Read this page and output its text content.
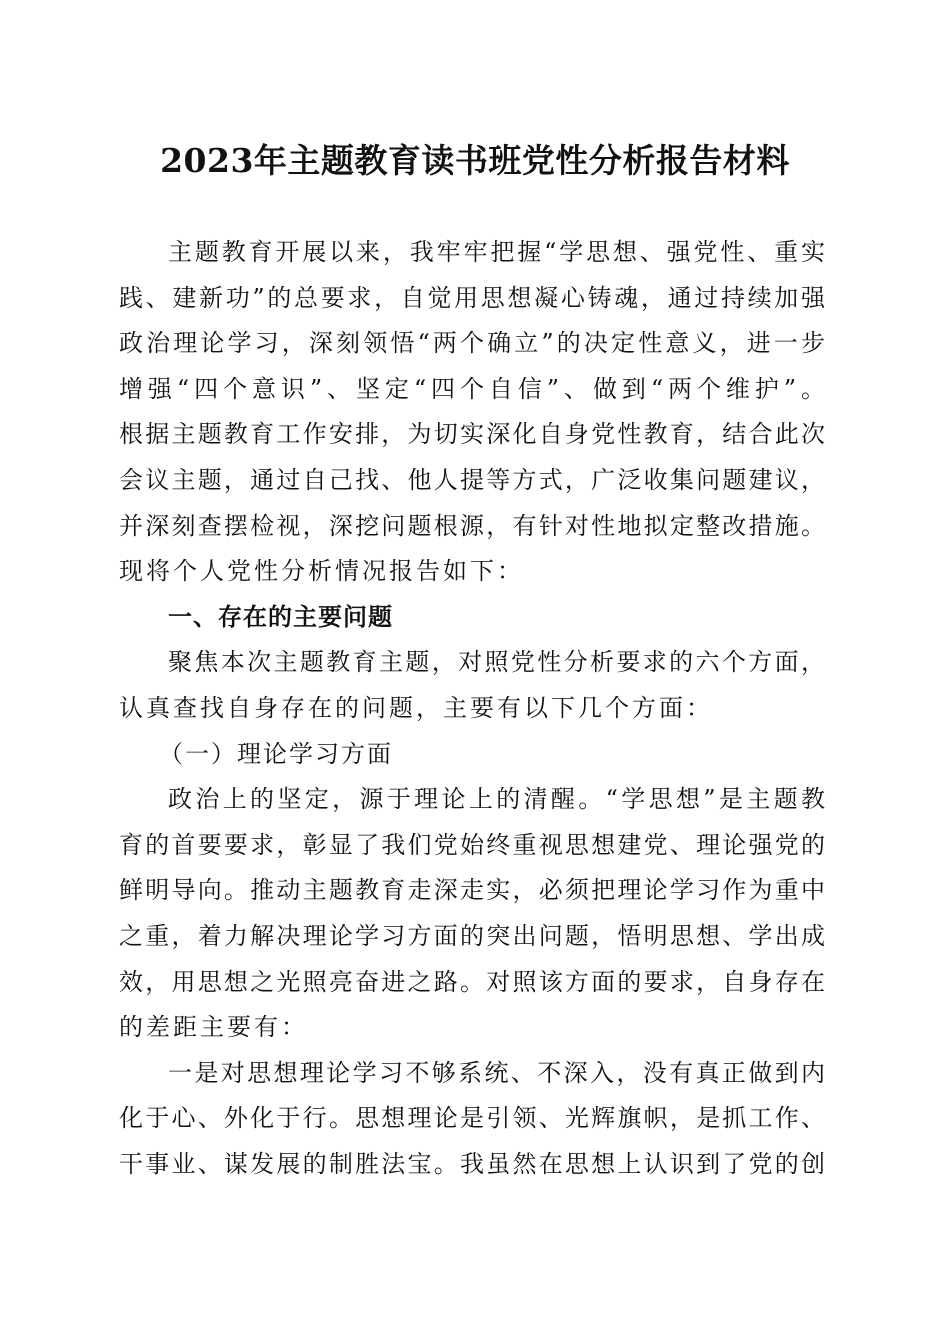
2023年主题教育读书班党性分析报告材料
主题教育开展以来，我牢牢把握“学思想、强党性、重实
践、建新功”的总要求，自觉用思想凝心铸魂，通过持续加强
政治理论学习，深刻领悟“两个确立”的决定性意义，进一步
增强“四个意识”、坚定“四个自信”、做到“两个维护”。
根据主题教育工作安排，为切实深化自身党性教育，结合此次
会议主题，通过自己找、他人提等方式，广泛收集问题建议，
并深刻查摆检视，深挖问题根源，有针对性地拟定整改措施。
现将个人党性分析情况报告如下：
一、存在的主要问题
聚焦本次主题教育主题，对照党性分析要求的六个方面，
认真查找自身存在的问题，主要有以下几个方面：
（一）理论学习方面
政治上的坚定，源于理论上的清醒。“学思想”是主题教
育的首要要求，彰显了我们党始终重视思想建党、理论强党的
鲜明导向。推动主题教育走深走实，必须把理论学习作为重中
之重，着力解决理论学习方面的突出问题，悟明思想、学出成
效，用思想之光照亮奋进之路。对照该方面的要求，自身存在
的差距主要有：
一是对思想理论学习不够系统、不深入，没有真正做到内
化于心、外化于行。思想理论是引领、光辉旗帜，是抓工作、
干事业、谋发展的制胜法宝。我虽然在思想上认识到了党的创
